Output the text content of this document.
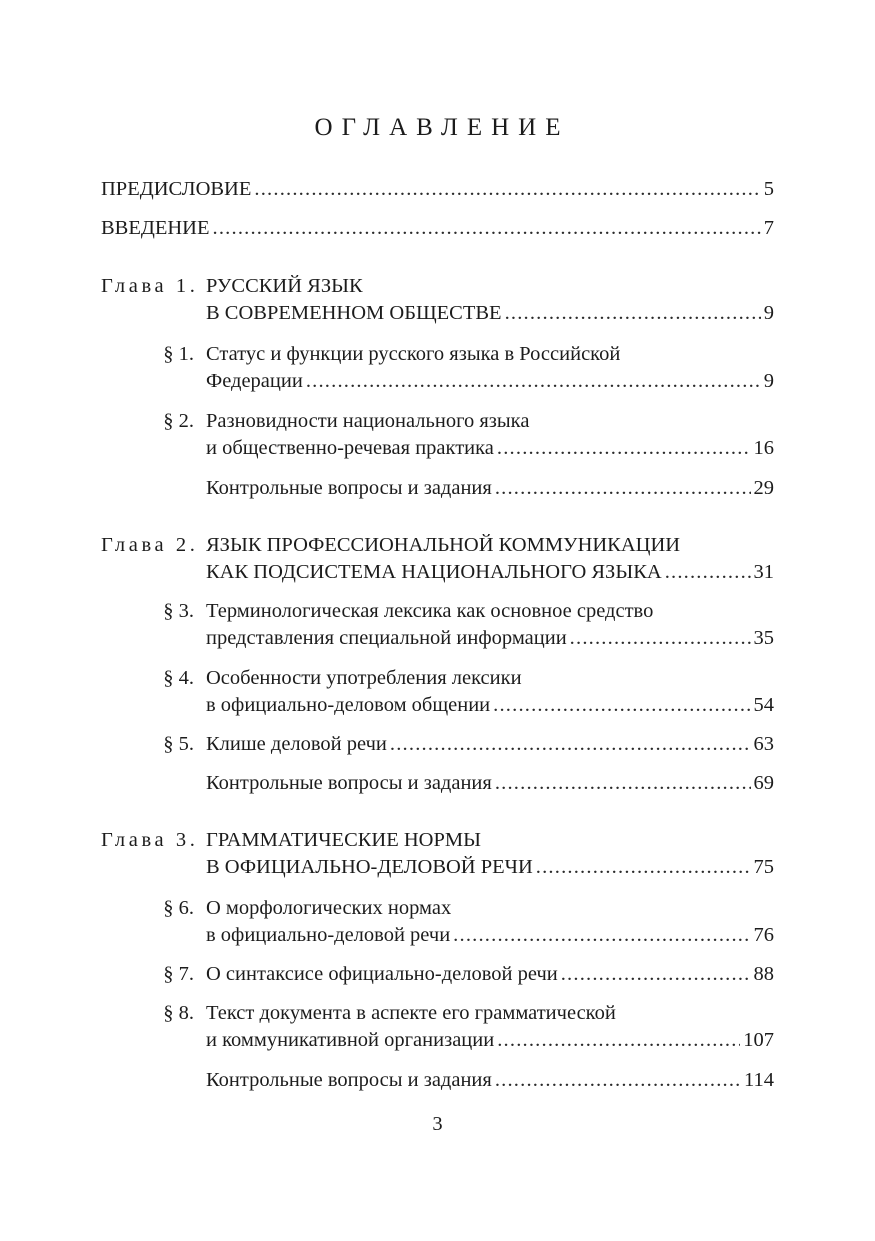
ОГЛАВЛЕНИЕ
ПРЕДИСЛОВИЕ .....	5
ВВЕДЕНИЕ .....	7
Глава 1. РУССКИЙ ЯЗЫК
В СОВРЕМЕННОМ ОБЩЕСТВЕ .....	9
§ 1. Статус и функции русского языка в Российской
Федерации .....	9
§ 2. Разновидности национального языка
и общественно-речевая практика .....	16
Контрольные вопросы и задания .....	29
Глава 2. ЯЗЫК ПРОФЕССИОНАЛЬНОЙ КОММУНИКАЦИИ
КАК ПОДСИСТЕМА НАЦИОНАЛЬНОГО ЯЗЫКА .....	31
§ 3. Терминологическая лексика как основное средство
представления специальной информации .....	35
§ 4. Особенности употребления лексики
в официально-деловом общении .....	54
§ 5. Клише деловой речи .....	63
Контрольные вопросы и задания .....	69
Глава 3. ГРАММАТИЧЕСКИЕ НОРМЫ
В ОФИЦИАЛЬНО-ДЕЛОВОЙ РЕЧИ .....	75
§ 6. О морфологических нормах
в официально-деловой речи .....	76
§ 7. О синтаксисе официально-деловой речи .....	88
§ 8. Текст документа в аспекте его грамматической
и коммуникативной организации .....	107
Контрольные вопросы и задания .....	114
3
